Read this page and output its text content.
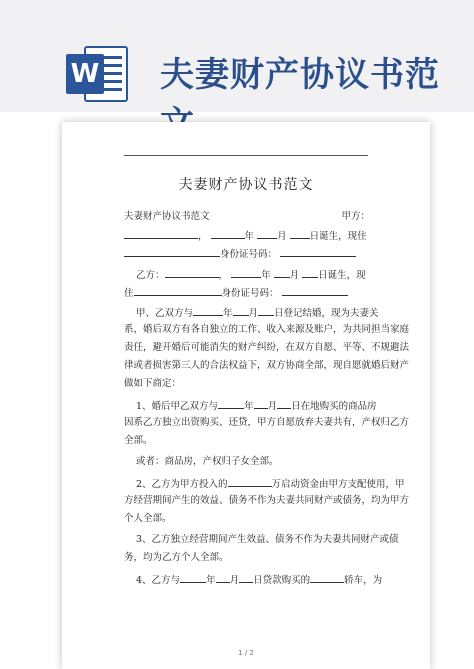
W 夫妻财产协议书范
夫妻财产协议书范文
夫妻财产协议书范文	甲方：
，	年 月 日诞生，现住
身份证号码：
乙方：	，	年 月 日诞生，现
住	身份证号码：
甲、乙双方与	年 月 日登记结婚，现为夫妻关
系，婚后双方有各自独立的工作、收入来源及账户，为共同担当家庭
责任，避开婚后可能消失的财产纠纷，在双方自愿、平等、不规避法
律或者损害第三人的合法权益下，双方协商全部，现自愿就婚后财产
做如下商定：
1、婚后甲乙双方与	年 月 日在地购买的商品房
因系乙方独立出资购买、还贷，甲方自愿放弃夫妻共有，产权归乙方
全部。
或者：商品房，产权归子女全部。
2、乙方为甲方投入的	万启动资金由甲方支配使用，甲
方经营期间产生的效益、债务不作为夫妻共同财产或债务，均为甲方
个人全部。
3、乙方独立经营期间产生效益、债务不作为夫妻共同财产或债
务，均为乙方个人全部。
4、乙方与	年 月 日贷款购买的	轿车，为
1 / 2
